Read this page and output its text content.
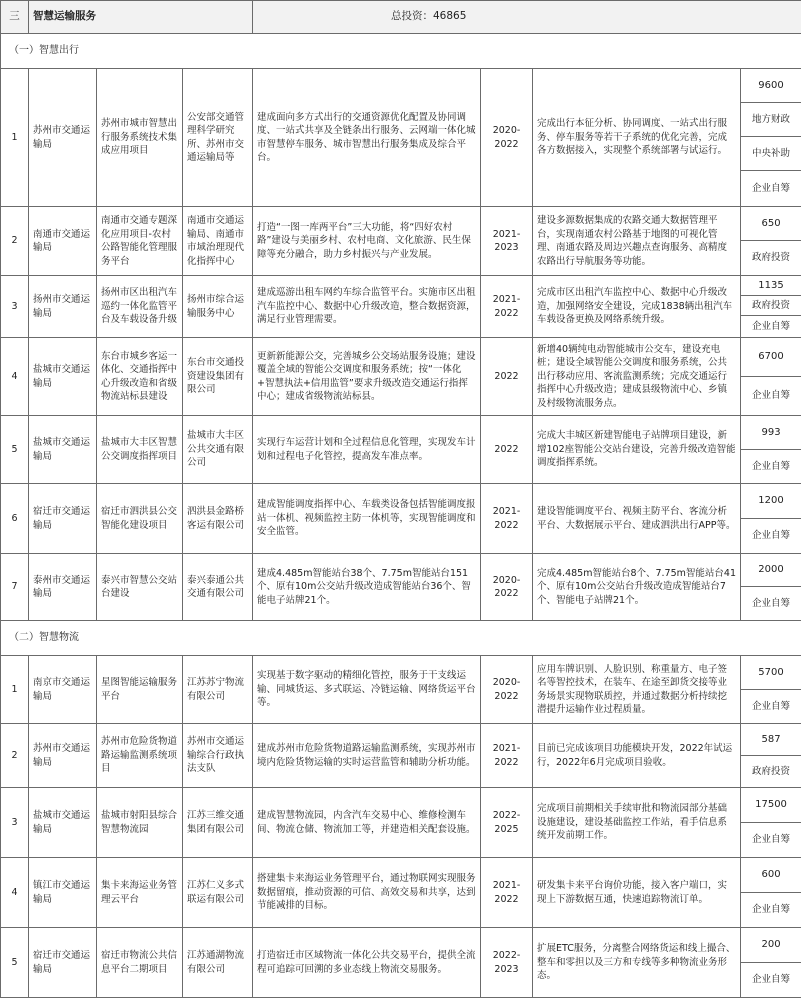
三	智慧运输服务			总投资：46865			
（一）智慧出行							
1	苏州市交通运输局	苏州市城市智慧出行服务系统技术集成应用项目	公安部交通管理科学研究所、苏州市交通运输局等	建成面向多方式出行的交通资源优化配置及协同调度、一站式共享及全链条出行服务、云网端一体化城市智慧停车服务、城市智慧出行服务集成及综合平台。	2020-2022	完成出行本征分析、协同调度、一站式出行服务、停车服务等若干子系统的优化完善，完成各方数据接入，实现整个系统部署与试运行。	9600
							地方财政
							中央补助
							企业自筹
2	南通市交通运输局	南通市交通专题深化应用项目-农村公路智能化管理服务平台	南通市交通运输局、南通市市域治理现代化指挥中心	打造“一图一库两平台”三大功能，将“四好农村路”建设与美丽乡村、农村电商、文化旅游、民生保障等充分融合，助力乡村振兴与产业发展。	2021-2023	建设多源数据集成的农路交通大数据管理平台，实现南通农村公路基于地图的可视化管理、南通农路及周边兴趣点查询服务、高精度农路出行导航服务等功能。	650
							政府投资
3	扬州市交通运输局	扬州市区出租汽车巡约一体化监管平台及车载设备升级	扬州市综合运输服务中心	建成巡游出租车网约车综合监管平台。实施市区出租汽车监控中心、数据中心升级改造，整合数据资源，满足行业管理需要。	2021-2022	完成市区出租汽车监控中心、数据中心升级改造，加强网络安全建设，完成1838辆出租汽车车载设备更换及网络系统升级。	1135
							政府投资
							企业自筹
4	盐城市交通运输局	东台市城乡客运一体化、交通指挥中心升级改造和省级物流站标县建设	东台市交通投资建设集团有限公司	更新新能源公交，完善城乡公交场站服务设施；建设覆盖全域的智能公交调度和服务系统；按“一体化+智慧执法+信用监管”要求升级改造交通运行指挥中心；建成省级物流站标县。	2022	新增40辆纯电动智能城市公交车，建设充电桩；建设全域智能公交调度和服务系统，公共出行移动应用、客流监测系统；完成交通运行指挥中心升级改造；建成县级物流中心、乡镇及村级物流服务点。	6700
							企业自筹
5	盐城市交通运输局	盐城市大丰区智慧公交调度指挥项目	盐城市大丰区公共交通有限公司	实现行车运营计划和全过程信息化管理，实现发车计划和过程电子化管控，提高发车准点率。	2022	完成大丰城区新建智能电子站牌项目建设，新增102座智能公交站台建设，完善升级改造智能调度指挥系统。	993
							企业自筹
6	宿迁市交通运输局	宿迁市泗洪县公交智能化建设项目	泗洪县金路桥客运有限公司	建成智能调度指挥中心、车载类设备包括智能调度报站一体机、视频监控主防一体机等，实现智能调度和安全监管。	2021-2022	建设智能调度平台、视频主防平台、客流分析平台、大数据展示平台、建成泗洪出行APP等。	1200
							企业自筹
7	泰州市交通运输局	泰兴市智慧公交站台建设	泰兴泰通公共交通有限公司	建成4.485m智能站台38个、7.75m智能站台151个、原有10m公交站升级改造成智能站台36个、智能电子站牌21个。	2020-2022	完成4.485m智能站台8个、7.75m智能站台41个、原有10m公交站台升级改造成智能站台7个、智能电子站牌21个。	2000
							企业自筹
（二）智慧物流							
1	南京市交通运输局	星图智能运输服务平台	江苏苏宁物流有限公司	实现基于数字驱动的精细化管控，服务于干支线运输、同城货运、多式联运、冷链运输、网络货运平台等。	2020-2022	应用车牌识别、人脸识别、称重量方、电子签名等智控技术，在装车、在途至卸货交接等业务场景实现物联质控，并通过数据分析持续挖潜提升运输作业过程质量。	5700
							企业自筹
2	苏州市交通运输局	苏州市危险货物道路运输监测系统项目	苏州市交通运输综合行政执法支队	建成苏州市危险货物道路运输监测系统，实现苏州市境内危险货物运输的实时运营监管和辅助分析功能。	2021-2022	目前已完成该项目功能模块开发，2022年试运行，2022年6月完成项目验收。	587
							政府投资
3	盐城市交通运输局	盐城市射阳县综合智慧物流园	江苏三维交通集团有限公司	建成智慧物流园，内含汽车交易中心、维修检测车间、物流仓储、物流加工等，并建造相关配套设施。	2022-2025	完成项目前期相关手续审批和物流园部分基础设施建设，建设基础监控工作站，看手信息系统开发前期工作。	17500
							企业自筹
4	镇江市交通运输局	集卡来海运业务管理云平台	江苏仁义多式联运有限公司	搭建集卡来海运业务管理平台，通过物联网实现服务数据留痕，推动资源的可信、高效交易和共享，达到节能减排的目标。	2021-2022	研发集卡来平台询价功能，接入客户端口，实现上下游数据互通，快速追踪物流订单。	600
							企业自筹
5	宿迁市交通运输局	宿迁市物流公共信息平台二期项目	江苏通湖物流有限公司	打造宿迁市区域物流一体化公共交易平台，提供全流程可追踪可回溯的多业态线上物流交易服务。	2022-2023	扩展ETC服务，分离整合网络货运和线上撮合、整车和零担以及三方和专线等多种物流业务形态。	200
							企业自筹
